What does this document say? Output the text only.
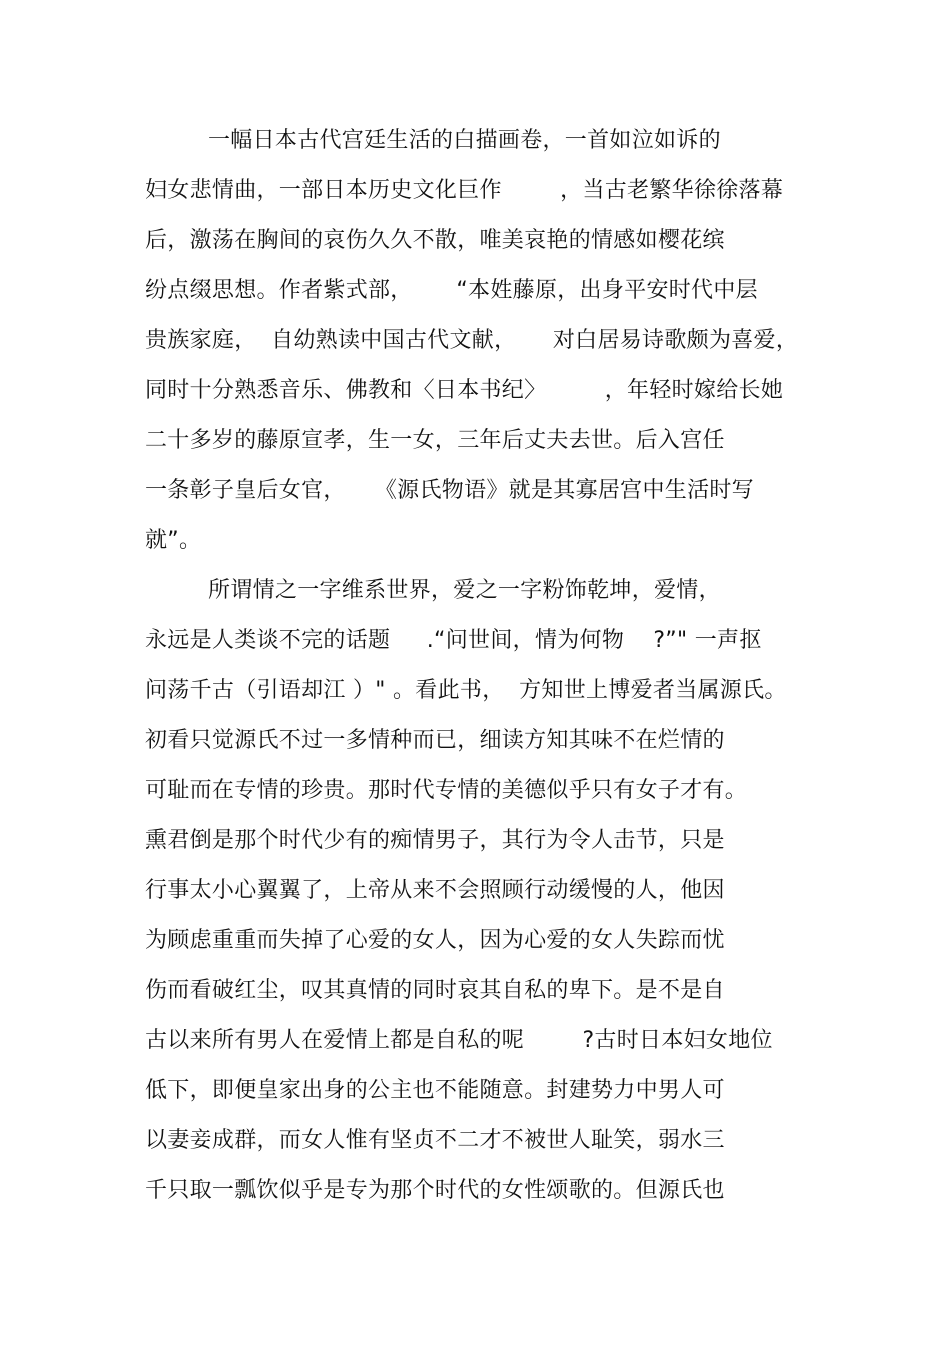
一幅日本古代宫廷生活的白描画卷，一首如泣如诉的
妇女悲情曲，一部日本历史文化巨作        ，当古老繁华徐徐落幕
后，激荡在胸间的哀伤久久不散，唯美哀艳的情感如樱花缤
纷点缀思想。作者紫式部，      “本姓藤原，出身平安时代中层
贵族家庭，  自幼熟读中国古代文献，     对白居易诗歌颇为喜爱，
同时十分熟悉音乐、佛教和〈日本书纪〉        ，年轻时嫁给长她
二十多岁的藤原宣孝，生一女，三年后丈夫去世。后入宫任
一条彰子皇后女官，    《源氏物语》就是其寡居宫中生活时写
就”。
所谓情之一字维系世界，爱之一字粉饰乾坤，爱情，
永远是人类谈不完的话题     .“问世间，情为何物    ?”" 一声抠
问荡千古（引语却江 ）" 。看此书，  方知世上博爱者当属源氏。
初看只觉源氏不过一多情种而已，细读方知其味不在烂情的
可耻而在专情的珍贵。那时代专情的美德似乎只有女子才有。
熏君倒是那个时代少有的痴情男子，其行为令人击节，只是
行事太小心翼翼了，上帝从来不会照顾行动缓慢的人，他因
为顾虑重重而失掉了心爱的女人，因为心爱的女人失踪而忧
伤而看破红尘，叹其真情的同时哀其自私的卑下。是不是自
古以来所有男人在爱情上都是自私的呢        ?古时日本妇女地位
低下，即便皇家出身的公主也不能随意。封建势力中男人可
以妻妾成群，而女人惟有坚贞不二才不被世人耻笑，弱水三
千只取一瓢饮似乎是专为那个时代的女性颂歌的。但源氏也
